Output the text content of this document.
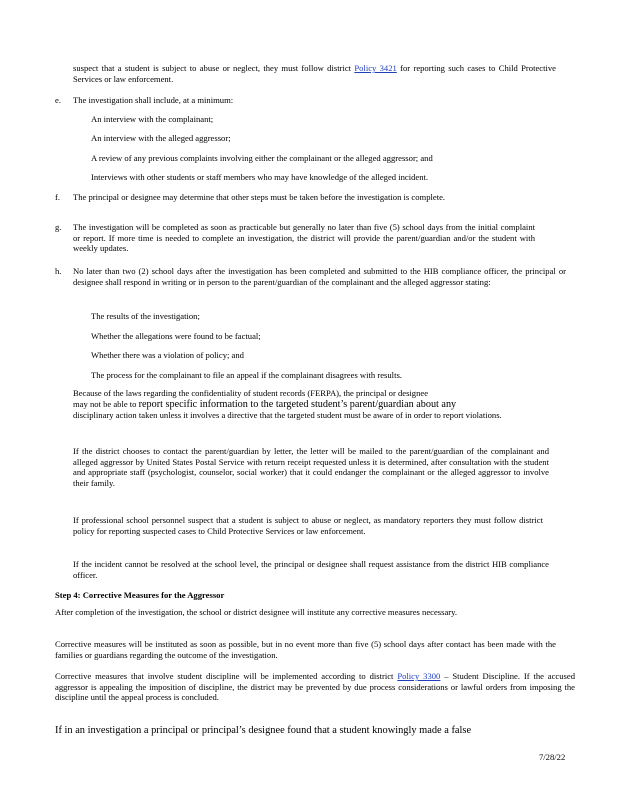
suspect that a student is subject to abuse or neglect, they must follow district Policy 3421 for reporting such cases to Child Protective Services or law enforcement.
e. The investigation shall include, at a minimum:
An interview with the complainant;
An interview with the alleged aggressor;
A review of any previous complaints involving either the complainant or the alleged aggressor; and
Interviews with other students or staff members who may have knowledge of the alleged incident.
f. The principal or designee may determine that other steps must be taken before the investigation is complete.
g. The investigation will be completed as soon as practicable but generally no later than five (5) school days from the initial complaint or report. If more time is needed to complete an investigation, the district will provide the parent/guardian and/or the student with weekly updates.
h. No later than two (2) school days after the investigation has been completed and submitted to the HIB compliance officer, the principal or designee shall respond in writing or in person to the parent/guardian of the complainant and the alleged aggressor stating:
The results of the investigation;
Whether the allegations were found to be factual;
Whether there was a violation of policy; and
The process for the complainant to file an appeal if the complainant disagrees with results.
Because of the laws regarding the confidentiality of student records (FERPA), the principal or designee
may not be able to report specific information to the targeted student’s parent/guardian about any
disciplinary action taken unless it involves a directive that the targeted student must be aware of in order to report violations.
If the district chooses to contact the parent/guardian by letter, the letter will be mailed to the parent/guardian of the complainant and alleged aggressor by United States Postal Service with return receipt requested unless it is determined, after consultation with the student and appropriate staff (psychologist, counselor, social worker) that it could endanger the complainant or the alleged aggressor to involve their family.
If professional school personnel suspect that a student is subject to abuse or neglect, as mandatory reporters they must follow district policy for reporting suspected cases to Child Protective Services or law enforcement.
If the incident cannot be resolved at the school level, the principal or designee shall request assistance from the district HIB compliance officer.
Step 4: Corrective Measures for the Aggressor
After completion of the investigation, the school or district designee will institute any corrective measures necessary.
Corrective measures will be instituted as soon as possible, but in no event more than five (5) school days after contact has been made with the families or guardians regarding the outcome of the investigation.
Corrective measures that involve student discipline will be implemented according to district Policy 3300 – Student Discipline. If the accused aggressor is appealing the imposition of discipline, the district may be prevented by due process considerations or lawful orders from imposing the discipline until the appeal process is concluded.
If in an investigation a principal or principal’s designee found that a student knowingly made a false
7/28/22
